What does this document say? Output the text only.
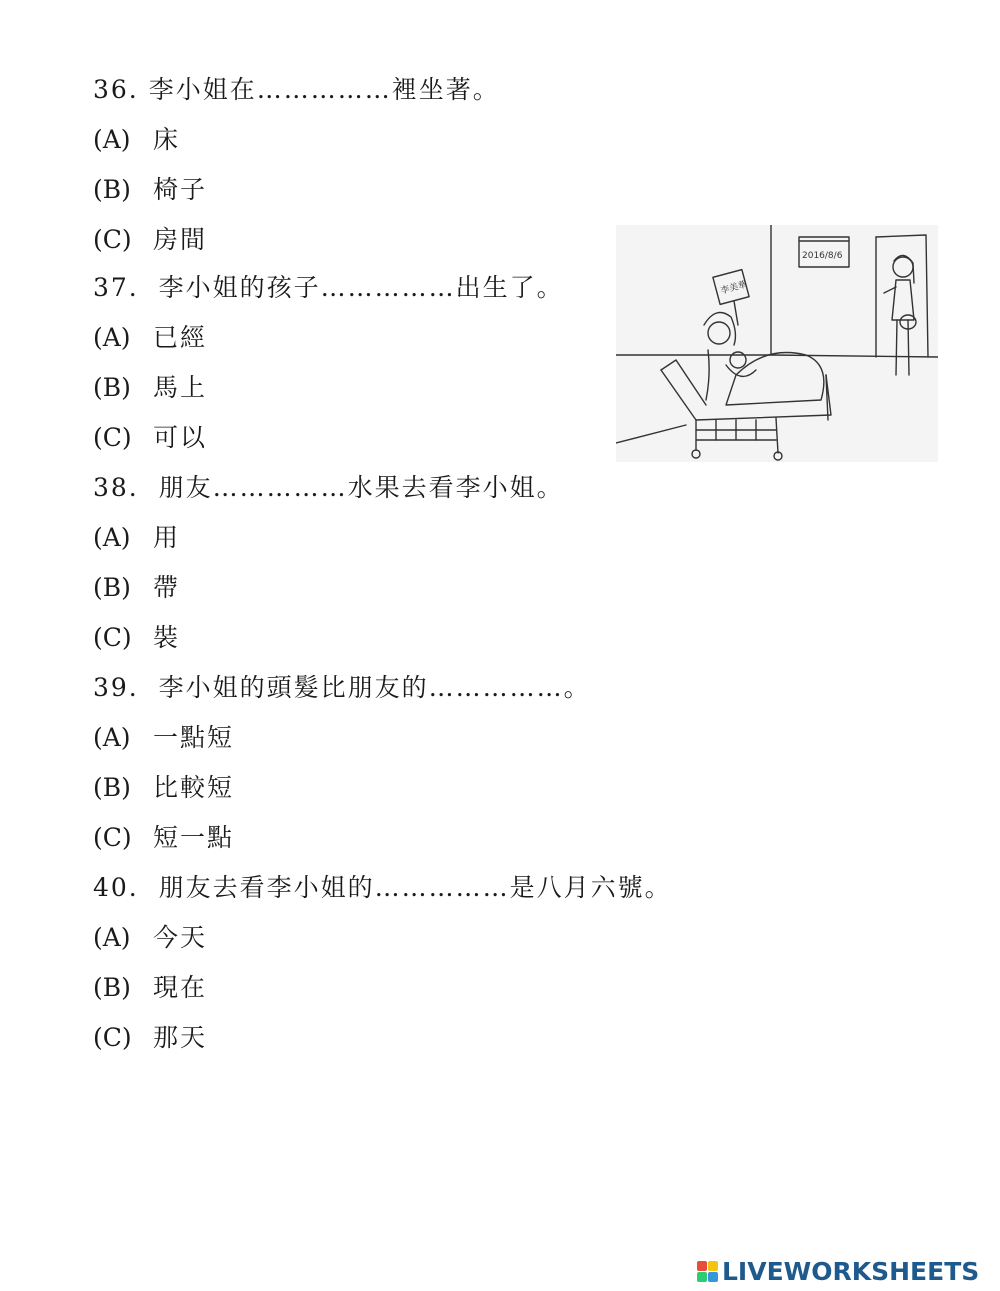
36. 李小姐在……………裡坐著。
(A) 床
(B) 椅子
(C) 房間
37.  李小姐的孩子……………出生了。
(A) 已經
(B) 馬上
(C) 可以
38.  朋友……………水果去看李小姐。
(A) 用
(B) 帶
(C) 裝
39.  李小姐的頭髮比朋友的……………。
(A) 一點短
(B) 比較短
(C) 短一點
40.  朋友去看李小姐的……………是八月六號。
(A) 今天
(B) 現在
(C) 那天
2016/8/6
李美華
LIVEWORKSHEETS
